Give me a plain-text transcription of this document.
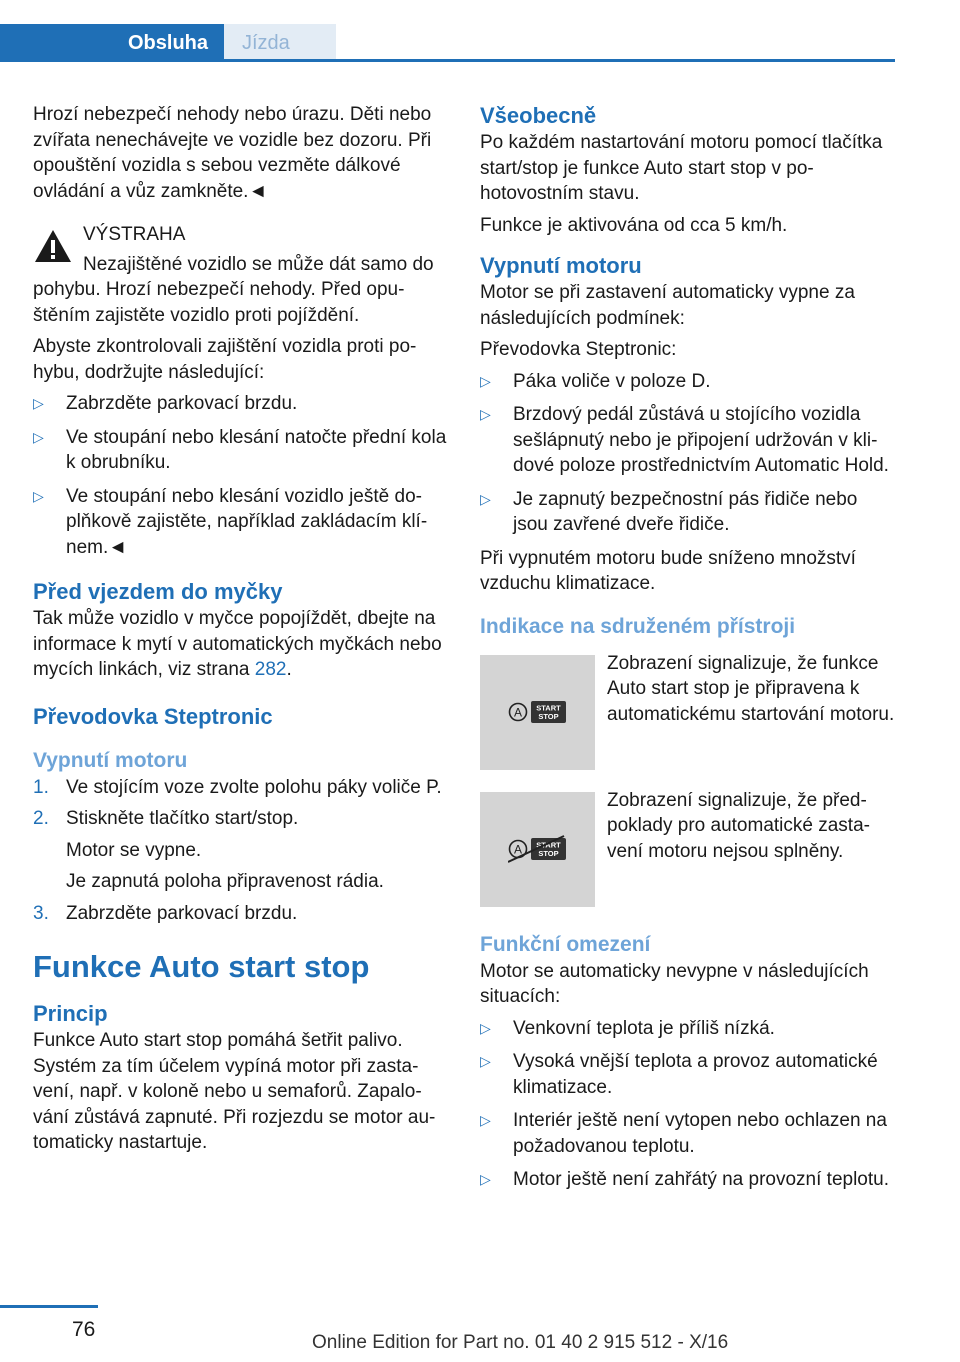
Obsluha	Jízda

Hrozí nebezpečí nehody nebo úrazu. Děti nebo zvířata nenechávejte ve vozidle bez dozoru. Při opouštění vozidla s sebou vezměte dálkové ovládání a vůz zamkněte.◄

VÝSTRAHA

Nezajištěné vozidlo se může dát samo do pohybu. Hrozí nebezpečí nehody. Před opuštěním zajistěte vozidlo proti pojíždění.

Abyste zkontrolovali zajištění vozidla proti pohybu, dodržujte následující:

▷ Zabrzděte parkovací brzdu.
▷ Ve stoupání nebo klesání natočte přední kola k obrubníku.
▷ Ve stoupání nebo klesání vozidlo ještě doplňkově zajistěte, například zakládacím klínem.◄
Před vjezdem do myčky

Tak může vozidlo v myčce popojíždět, dbejte na informace k mytí v automatických myčkách nebo mycích linkách, viz strana 282.

Převodovka Steptronic
Vypnutí motoru
1. Ve stojícím voze zvolte polohu páky voliče P.
2. Stiskněte tlačítko start/stop.
Motor se vypne.
Je zapnutá poloha připravenost rádia.
3. Zabrzděte parkovací brzdu.
Funkce Auto start stop
Princip

Funkce Auto start stop pomáhá šetřit palivo. Systém za tím účelem vypíná motor při zastavení, např. v koloně nebo u semaforů. Zapalování zůstává zapnuté. Při rozjezdu se motor automaticky nastartuje.

Všeobecně

Po každém nastartování motoru pomocí tlačítka start/stop je funkce Auto start stop v pohotovostním stavu.

Funkce je aktivována od cca 5 km/h.

Vypnutí motoru

Motor se při zastavení automaticky vypne za následujících podmínek:

Převodovka Steptronic:

▷ Páka voliče v poloze D.
▷ Brzdový pedál zůstává u stojícího vozidla sešlápnutý nebo je připojení udržován v klidové poloze prostřednictvím Automatic Hold.
▷ Je zapnutý bezpečnostní pás řidiče nebo jsou zavřené dveře řidiče.

Při vypnutém motoru bude sníženo množství vzduchu klimatizace.

Indikace na sdruženém přístroji
A START
STOP
Zobrazení signalizuje, že funkce Auto start stop je připravena k automatickému startování motoru.
A START
STOP
Zobrazení signalizuje, že předpoklady pro automatické zastavení motoru nejsou splněny.
Funkční omezení

Motor se automaticky nevypne v následujících situacích:

▷ Venkovní teplota je příliš nízká.
▷ Vysoká vnější teplota a provoz automatické klimatizace.
▷ Interiér ještě není vytopen nebo ochlazen na požadovanou teplotu.
▷ Motor ještě není zahřátý na provozní teplotu.
76
Online Edition for Part no. 01 40 2 915 512 - X/16
